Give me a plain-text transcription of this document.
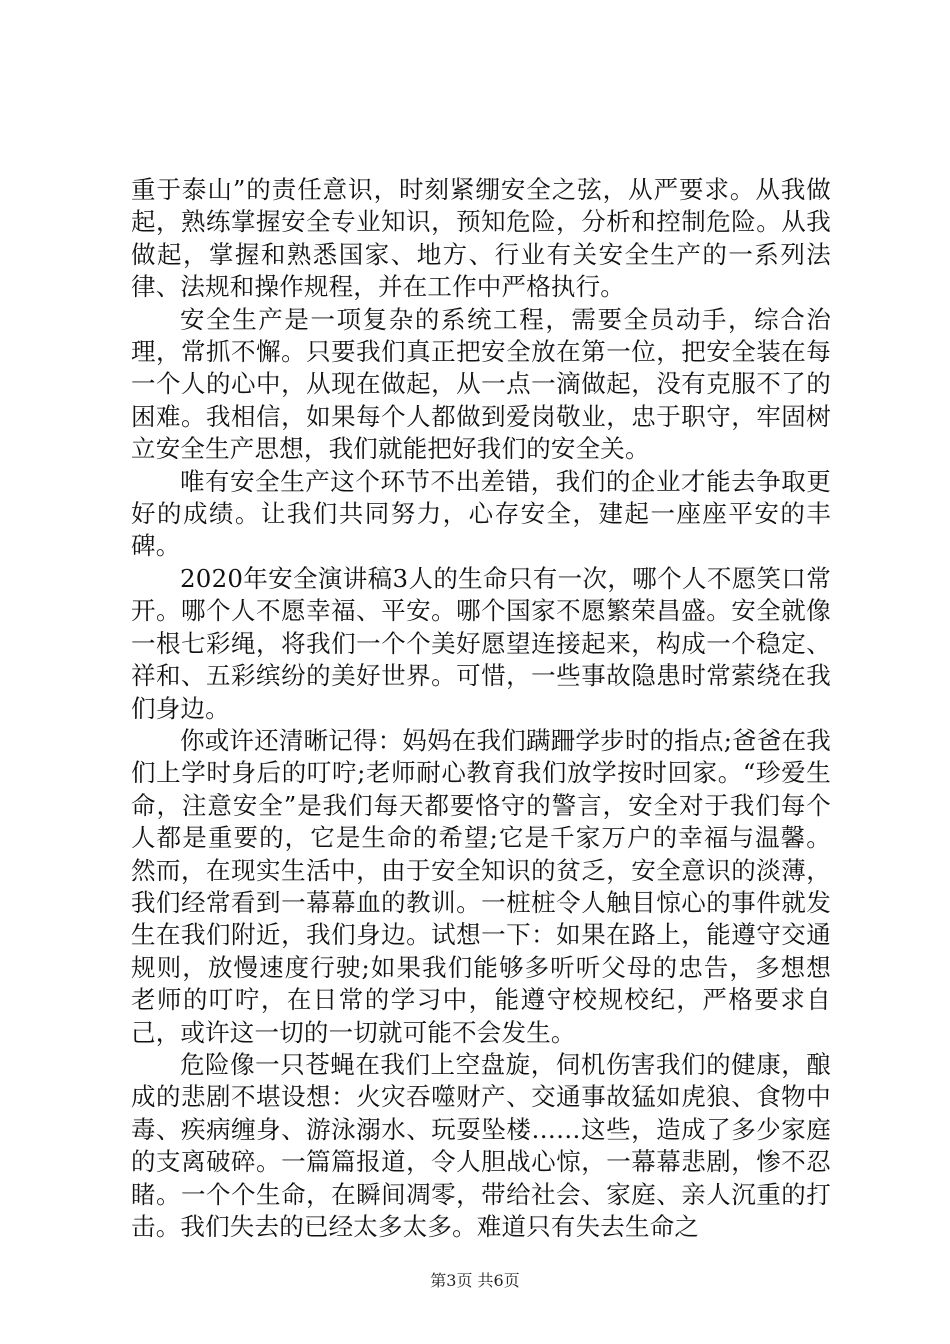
重于泰山”的责任意识，时刻紧绷安全之弦，从严要求。从我做起，熟练掌握安全专业知识，预知危险，分析和控制危险。从我做起，掌握和熟悉国家、地方、行业有关安全生产的一系列法律、法规和操作规程，并在工作中严格执行。

安全生产是一项复杂的系统工程，需要全员动手，综合治理，常抓不懈。只要我们真正把安全放在第一位，把安全装在每一个人的心中，从现在做起，从一点一滴做起，没有克服不了的困难。我相信，如果每个人都做到爱岗敬业，忠于职守，牢固树立安全生产思想，我们就能把好我们的安全关。

唯有安全生产这个环节不出差错，我们的企业才能去争取更好的成绩。让我们共同努力，心存安全，建起一座座平安的丰碑。

2020年安全演讲稿3人的生命只有一次，哪个人不愿笑口常开。哪个人不愿幸福、平安。哪个国家不愿繁荣昌盛。安全就像一根七彩绳，将我们一个个美好愿望连接起来，构成一个稳定、祥和、五彩缤纷的美好世界。可惜，一些事故隐患时常萦绕在我们身边。

你或许还清晰记得：妈妈在我们蹒跚学步时的指点;爸爸在我们上学时身后的叮咛;老师耐心教育我们放学按时回家。“珍爱生命，注意安全”是我们每天都要恪守的警言，安全对于我们每个人都是重要的，它是生命的希望;它是千家万户的幸福与温馨。然而，在现实生活中，由于安全知识的贫乏，安全意识的淡薄，我们经常看到一幕幕血的教训。一桩桩令人触目惊心的事件就发生在我们附近，我们身边。试想一下：如果在路上，能遵守交通规则，放慢速度行驶;如果我们能够多听听父母的忠告，多想想老师的叮咛，在日常的学习中，能遵守校规校纪，严格要求自己，或许这一切的一切就可能不会发生。

危险像一只苍蝇在我们上空盘旋，伺机伤害我们的健康，酿成的悲剧不堪设想：火灾吞噬财产、交通事故猛如虎狼、食物中毒、疾病缠身、游泳溺水、玩耍坠楼……这些，造成了多少家庭的支离破碎。一篇篇报道，令人胆战心惊，一幕幕悲剧，惨不忍睹。一个个生命，在瞬间凋零，带给社会、家庭、亲人沉重的打击。我们失去的已经太多太多。难道只有失去生命之

第3页 共6页
